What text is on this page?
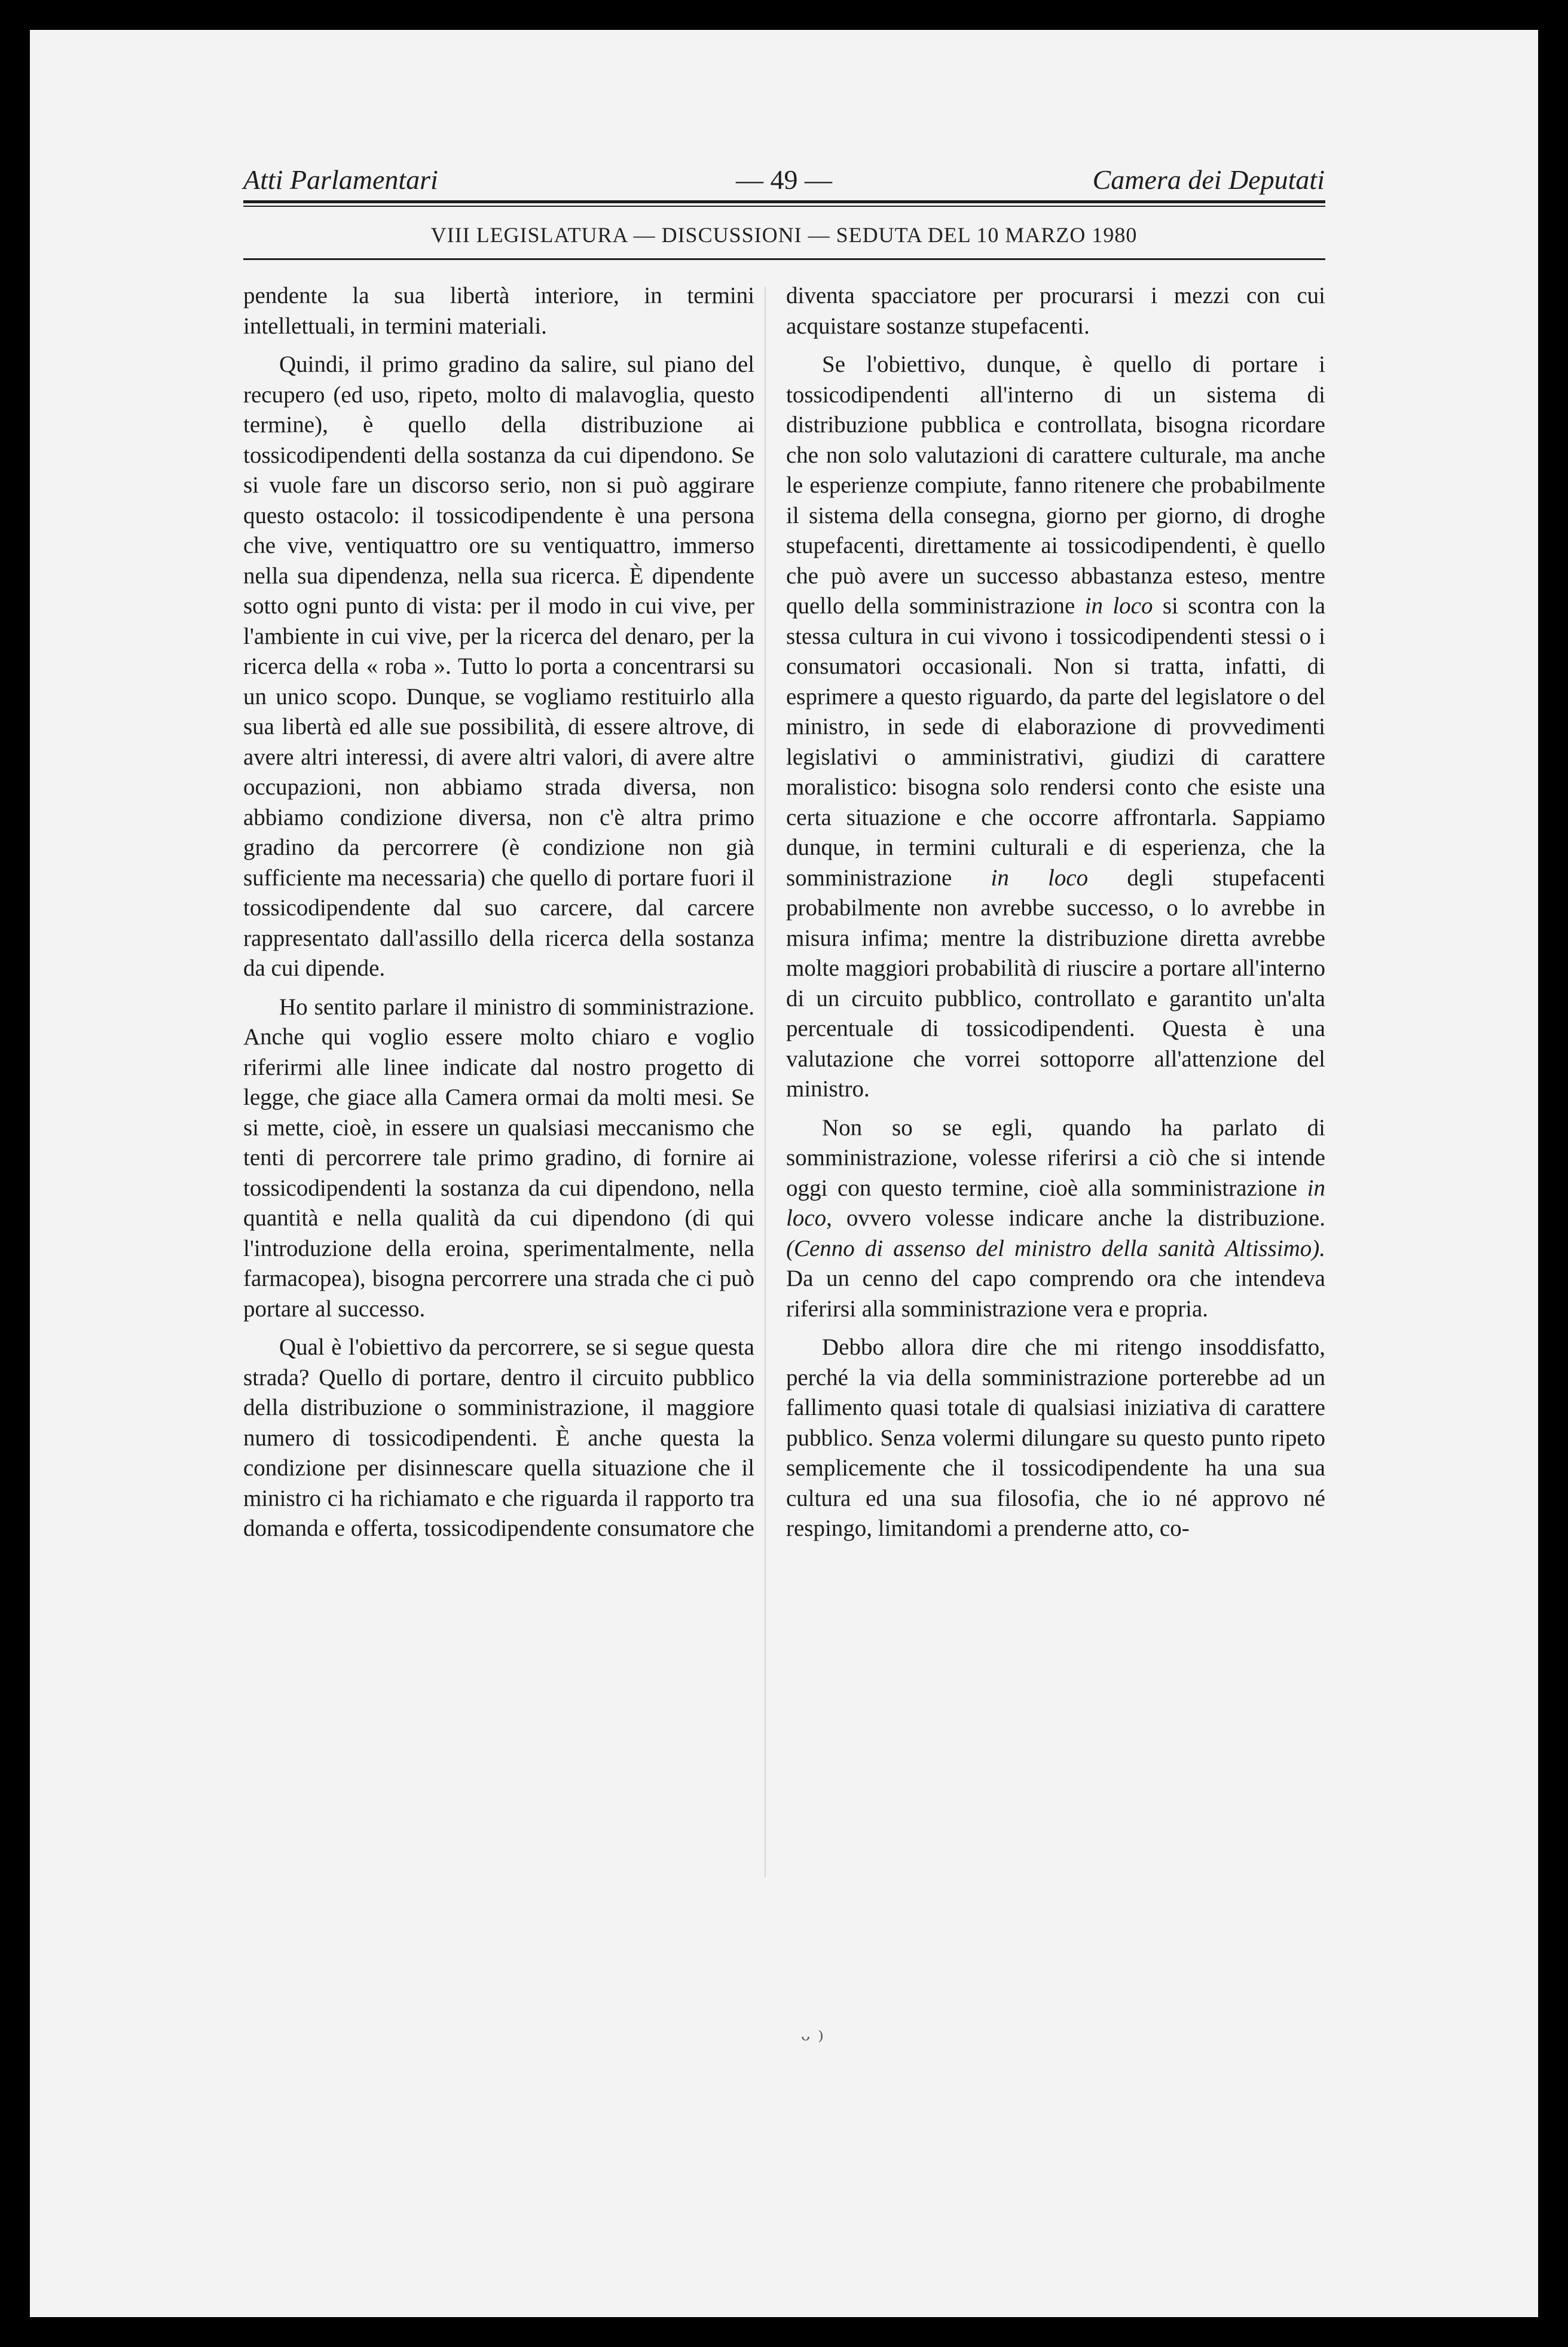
— 49 —
Atti Parlamentari	Camera dei Deputati
VIII LEGISLATURA — DISCUSSIONI — SEDUTA DEL 10 MARZO 1980

pendente la sua libertà interiore, in termini intellettuali, in termini materiali.

Quindi, il primo gradino da salire, sul piano del recupero (ed uso, ripeto, molto di malavoglia, questo termine), è quello della distribuzione ai tossicodipendenti della sostanza da cui dipendono. Se si vuole fare un discorso serio, non si può aggirare questo ostacolo: il tossicodipendente è una persona che vive, ventiquattro ore su ventiquattro, immerso nella sua dipendenza, nella sua ricerca. È dipendente sotto ogni punto di vista: per il modo in cui vive, per l'ambiente in cui vive, per la ricerca del denaro, per la ricerca della « roba ». Tutto lo porta a concentrarsi su un unico scopo. Dunque, se vogliamo restituirlo alla sua libertà ed alle sue possibilità, di essere altrove, di avere altri interessi, di avere altri valori, di avere altre occupazioni, non abbiamo strada diversa, non abbiamo condizione diversa, non c'è altra primo gradino da percorrere (è condizione non già sufficiente ma necessaria) che quello di portare fuori il tossicodipendente dal suo carcere, dal carcere rappresentato dall'assillo della ricerca della sostanza da cui dipende.

Ho sentito parlare il ministro di somministrazione. Anche qui voglio essere molto chiaro e voglio riferirmi alle linee indicate dal nostro progetto di legge, che giace alla Camera ormai da molti mesi. Se si mette, cioè, in essere un qualsiasi meccanismo che tenti di percorrere tale primo gradino, di fornire ai tossicodipendenti la sostanza da cui dipendono, nella quantità e nella qualità da cui dipendono (di qui l'introduzione della eroina, sperimentalmente, nella farmacopea), bisogna percorrere una strada che ci può portare al successo.

Qual è l'obiettivo da percorrere, se si segue questa strada? Quello di portare, dentro il circuito pubblico della distribuzione o somministrazione, il maggiore numero di tossicodipendenti. È anche questa la condizione per disinnescare quella situazione che il ministro ci ha richiamato e che riguarda il rapporto tra domanda e offerta, tossicodipendente consumatore che

diventa spacciatore per procurarsi i mezzi con cui acquistare sostanze stupefacenti.

Se l'obiettivo, dunque, è quello di portare i tossicodipendenti all'interno di un sistema di distribuzione pubblica e controllata, bisogna ricordare che non solo valutazioni di carattere culturale, ma anche le esperienze compiute, fanno ritenere che probabilmente il sistema della consegna, giorno per giorno, di droghe stupefacenti, direttamente ai tossicodipendenti, è quello che può avere un successo abbastanza esteso, mentre quello della somministrazione in loco si scontra con la stessa cultura in cui vivono i tossicodipendenti stessi o i consumatori occasionali. Non si tratta, infatti, di esprimere a questo riguardo, da parte del legislatore o del ministro, in sede di elaborazione di provvedimenti legislativi o amministrativi, giudizi di carattere moralistico: bisogna solo rendersi conto che esiste una certa situazione e che occorre affrontarla. Sappiamo dunque, in termini culturali e di esperienza, che la somministrazione in loco degli stupefacenti probabilmente non avrebbe successo, o lo avrebbe in misura infima; mentre la distribuzione diretta avrebbe molte maggiori probabilità di riuscire a portare all'interno di un circuito pubblico, controllato e garantito un'alta percentuale di tossicodipendenti. Questa è una valutazione che vorrei sottoporre all'attenzione del ministro.

Non so se egli, quando ha parlato di somministrazione, volesse riferirsi a ciò che si intende oggi con questo termine, cioè alla somministrazione in loco, ovvero volesse indicare anche la distribuzione. (Cenno di assenso del ministro della sanità Altissimo). Da un cenno del capo comprendo ora che intendeva riferirsi alla somministrazione vera e propria.

Debbo allora dire che mi ritengo insoddisfatto, perché la via della somministrazione porterebbe ad un fallimento quasi totale di qualsiasi iniziativa di carattere pubblico. Senza volermi dilungare su questo punto ripeto semplicemente che il tossicodipendente ha una sua cultura ed una sua filosofia, che io né approvo né respingo, limitandomi a prenderne atto, co-

ᵕ ⁾
